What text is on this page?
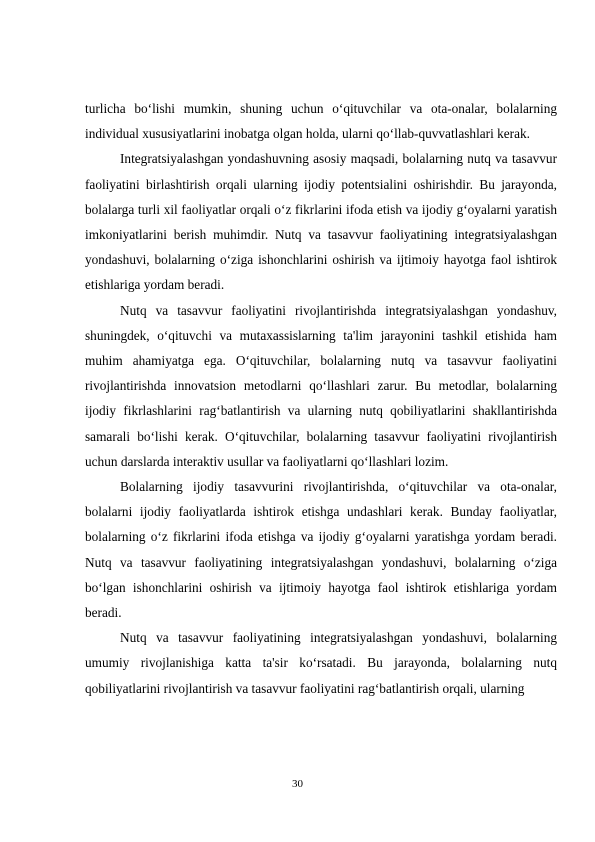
turlicha bo‘lishi mumkin, shuning uchun o‘qituvchilar va ota-onalar, bolalarning individual xususiyatlarini inobatga olgan holda, ularni qo‘llab-quvvatlashlari kerak.

Integratsiyalashgan yondashuvning asosiy maqsadi, bolalarning nutq va tasavvur faoliyatini birlashtirish orqali ularning ijodiy potentsialini oshirishdir. Bu jarayonda, bolalarga turli xil faoliyatlar orqali o‘z fikrlarini ifoda etish va ijodiy g‘oyalarni yaratish imkoniyatlarini berish muhimdir. Nutq va tasavvur faoliyatining integratsiyalashgan yondashuvi, bolalarning o‘ziga ishonchlarini oshirish va ijtimoiy hayotga faol ishtirok etishlariga yordam beradi.

Nutq va tasavvur faoliyatini rivojlantirishda integratsiyalashgan yondashuv, shuningdek, o‘qituvchi va mutaxassislarning ta'lim jarayonini tashkil etishida ham muhim ahamiyatga ega. O‘qituvchilar, bolalarning nutq va tasavvur faoliyatini rivojlantirishda innovatsion metodlarni qo‘llashlari zarur. Bu metodlar, bolalarning ijodiy fikrlashlarini rag‘batlantirish va ularning nutq qobiliyatlarini shakllantirishda samarali bo‘lishi kerak. O‘qituvchilar, bolalarning tasavvur faoliyatini rivojlantirish uchun darslarda interaktiv usullar va faoliyatlarni qo‘llashlari lozim.

Bolalarning ijodiy tasavvurini rivojlantirishda, o‘qituvchilar va ota-onalar, bolalarni ijodiy faoliyatlarda ishtirok etishga undashlari kerak. Bunday faoliyatlar, bolalarning o‘z fikrlarini ifoda etishga va ijodiy g‘oyalarni yaratishga yordam beradi. Nutq va tasavvur faoliyatining integratsiyalashgan yondashuvi, bolalarning o‘ziga bo‘lgan ishonchlarini oshirish va ijtimoiy hayotga faol ishtirok etishlariga yordam beradi.

Nutq va tasavvur faoliyatining integratsiyalashgan yondashuvi, bolalarning umumiy rivojlanishiga katta ta'sir ko‘rsatadi. Bu jarayonda, bolalarning nutq qobiliyatlarini rivojlantirish va tasavvur faoliyatini rag‘batlantirish orqali, ularning

30
